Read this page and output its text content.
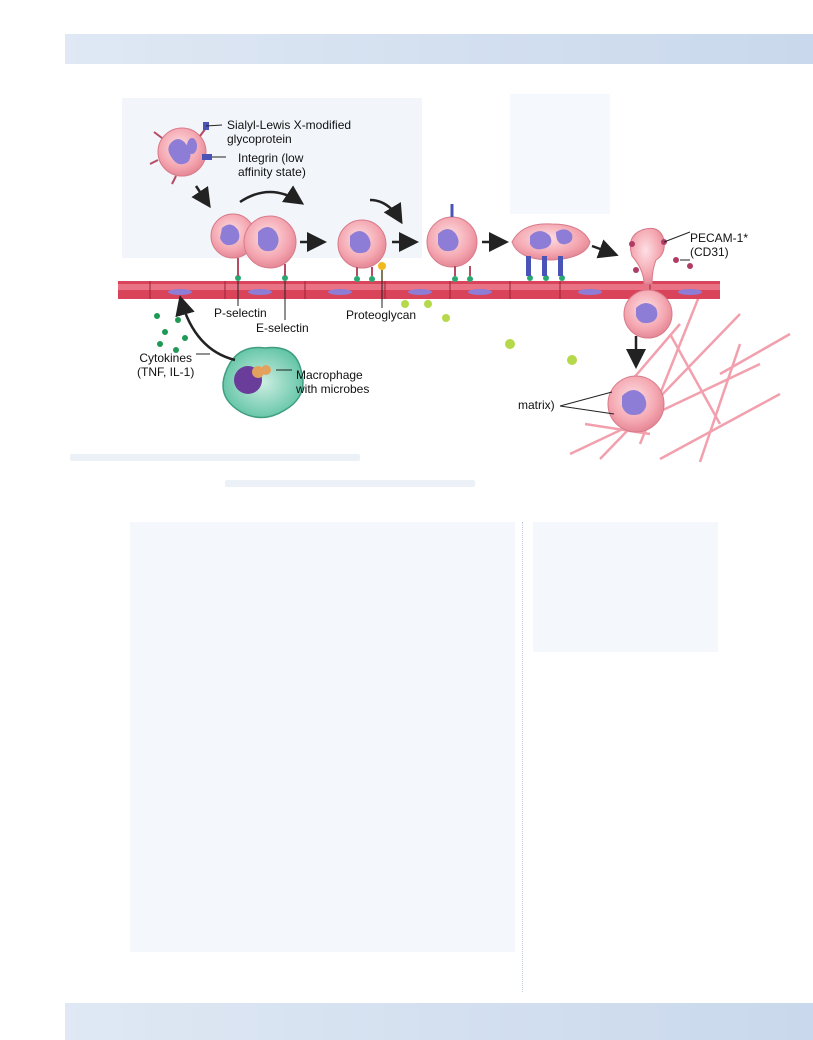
Sialyl-Lewis X-modified
glycoprotein
Integrin (low
affinity state)
P-selectin
E-selectin
Proteoglycan
Cytokines
(TNF, IL-1)	Macrophage
with microbes
PECAM-1*
(CD31)
matrix)
